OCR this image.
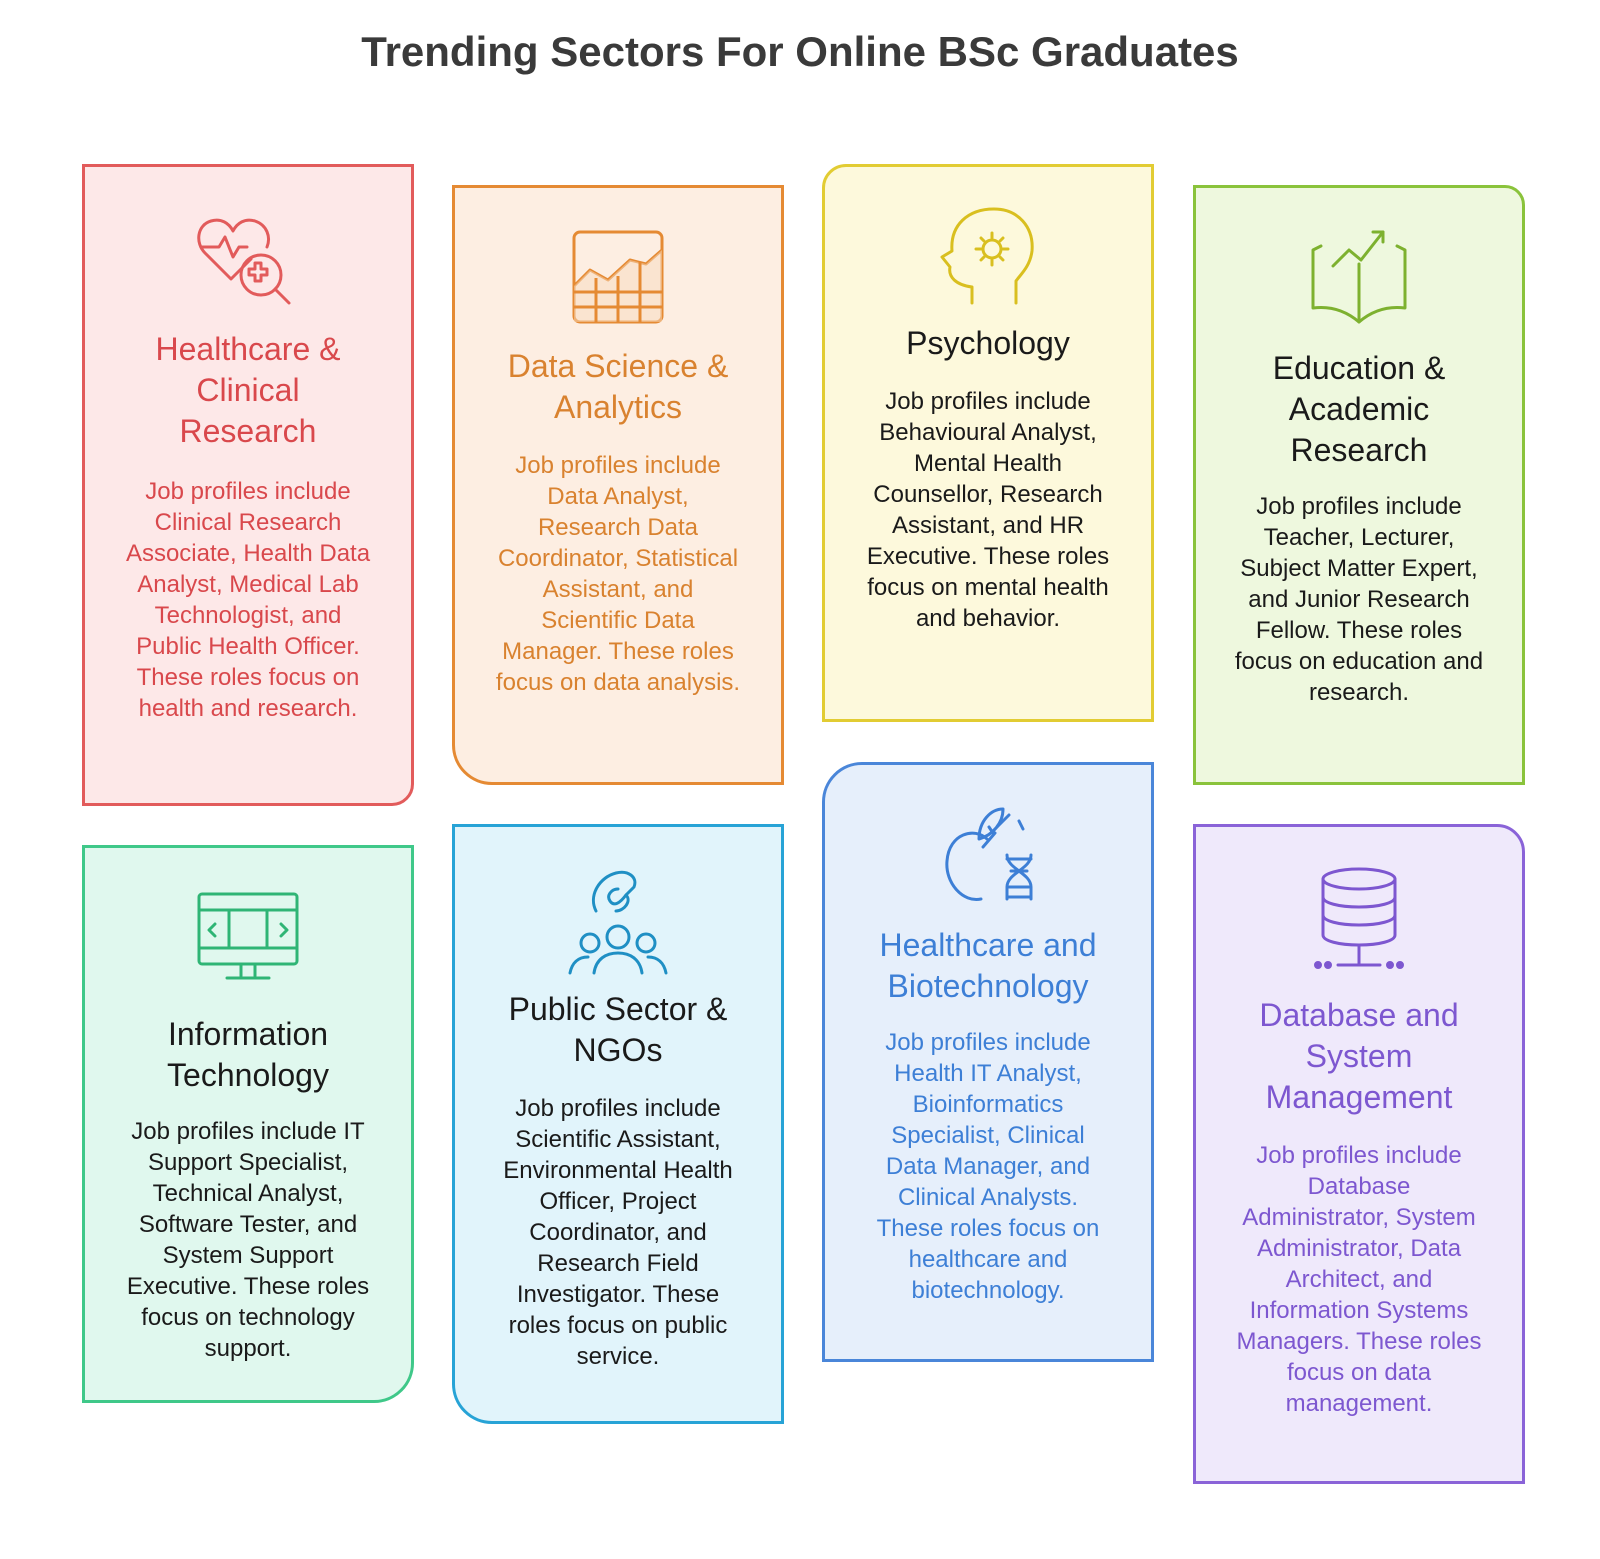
Trending Sectors For Online BSc Graduates
Healthcare & Clinical Research
Job profiles include Clinical Research Associate, Health Data Analyst, Medical Lab Technologist, and Public Health Officer. These roles focus on health and research.
Data Science & Analytics
Job profiles include Data Analyst, Research Data Coordinator, Statistical Assistant, and Scientific Data Manager. These roles focus on data analysis.
Psychology
Job profiles include Behavioural Analyst, Mental Health Counsellor, Research Assistant, and HR Executive. These roles focus on mental health and behavior.
Education & Academic Research
Job profiles include Teacher, Lecturer, Subject Matter Expert, and Junior Research Fellow. These roles focus on education and research.
Information Technology
Job profiles include IT Support Specialist, Technical Analyst, Software Tester, and System Support Executive. These roles focus on technology support.
Public Sector & NGOs
Job profiles include Scientific Assistant, Environmental Health Officer, Project Coordinator, and Research Field Investigator. These roles focus on public service.
Healthcare and Biotechnology
Job profiles include Health IT Analyst, Bioinformatics Specialist, Clinical Data Manager, and Clinical Analysts. These roles focus on healthcare and biotechnology.
Database and System Management
Job profiles include Database Administrator, System Administrator, Data Architect, and Information Systems Managers. These roles focus on data management.
